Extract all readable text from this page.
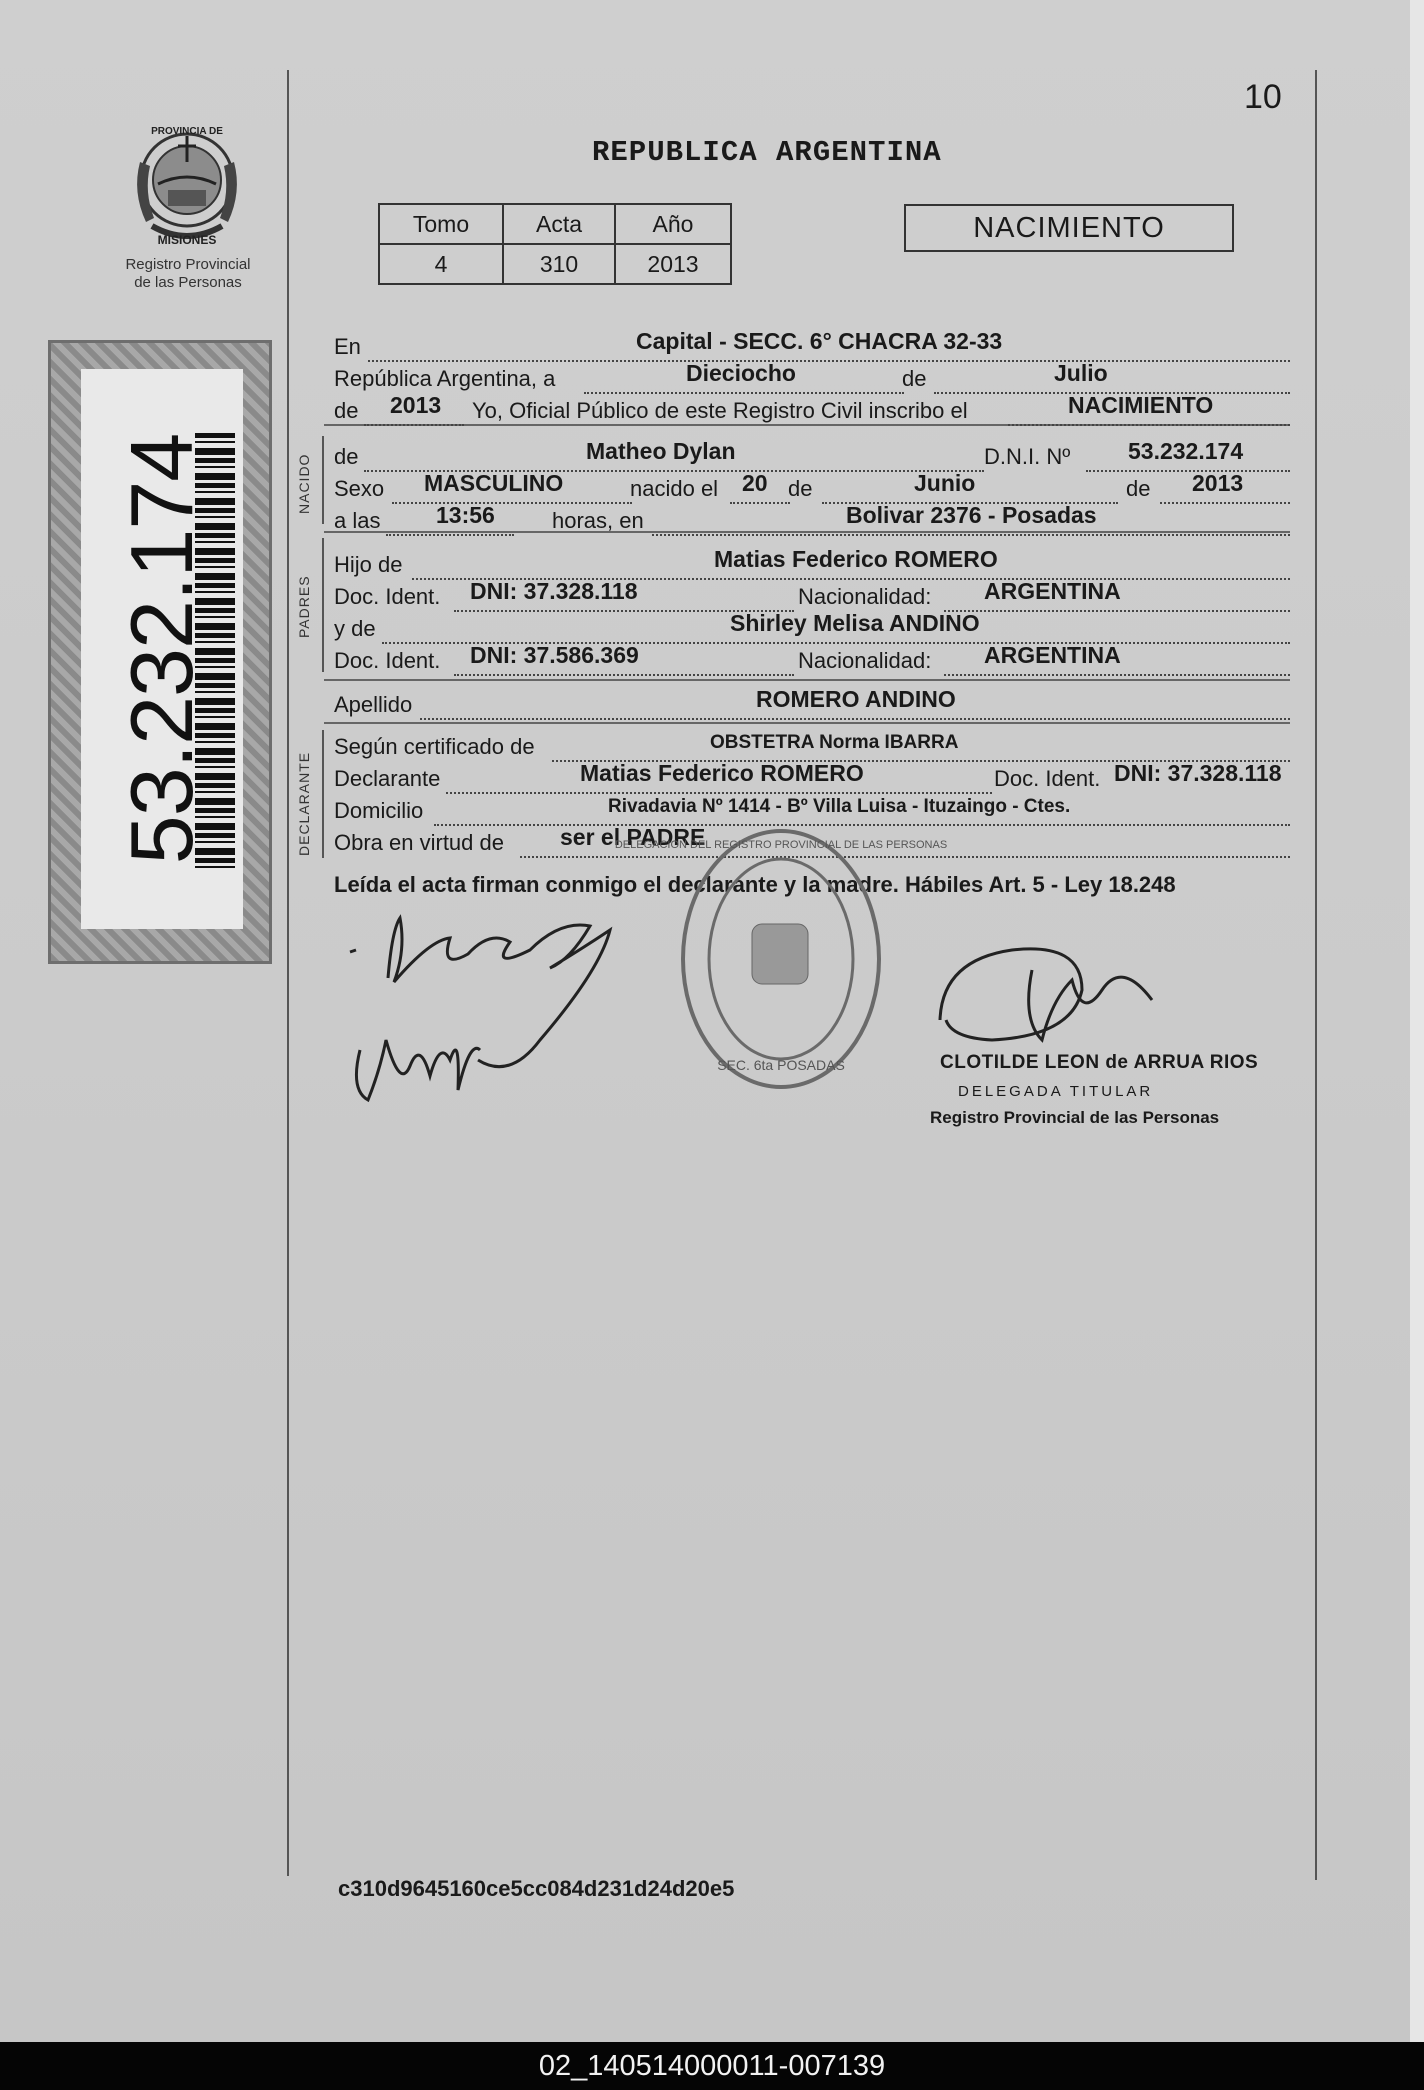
10
REPUBLICA ARGENTINA
PROVINCIA DE
MISIONES
Registro Provincial
de las Personas
Tomo	Acta	Año
4	310	2013
NACIMIENTO
53.232.174	NACIDO
PADRES
DECLARANTE
En	Capital - SECC. 6° CHACRA 32-33
República Argentina, a	Dieciocho	de	Julio
de 2013 Yo, Oficial Público de este Registro Civil inscribo el	NACIMIENTO
de	Matheo Dylan	D.N.I. Nº	53.232.174
Sexo MASCULINO	nacido el 20 de	Junio	de 2013
a las 13:56	horas, en	Bolivar 2376 - Posadas
Hijo de	Matias Federico ROMERO
Doc. Ident. DNI: 37.328.118	Nacionalidad: ARGENTINA
y de	Shirley Melisa ANDINO
Doc. Ident. DNI: 37.586.369	Nacionalidad: ARGENTINA
Apellido	ROMERO ANDINO
Según certificado de	OBSTETRA Norma IBARRA
Declarante	Matias Federico ROMERO	Doc. Ident. DNI: 37.328.118
Domicilio	Rivadavia Nº 1414 - Bº Villa Luisa - Ituzaingo - Ctes.
Obra en virtud de ser el PADRE
Leída el acta firman conmigo el declarante y la madre. Hábiles Art. 5 - Ley 18.248
SEC. 6ta POSADAS
DELEGACION DEL REGISTRO PROVINCIAL DE LAS PERSONAS
CLOTILDE LEON de ARRUA RIOS
DELEGADA TITULAR
Registro Provincial de las Personas
c310d9645160ce5cc084d231d24d20e5
02_140514000011-007139
